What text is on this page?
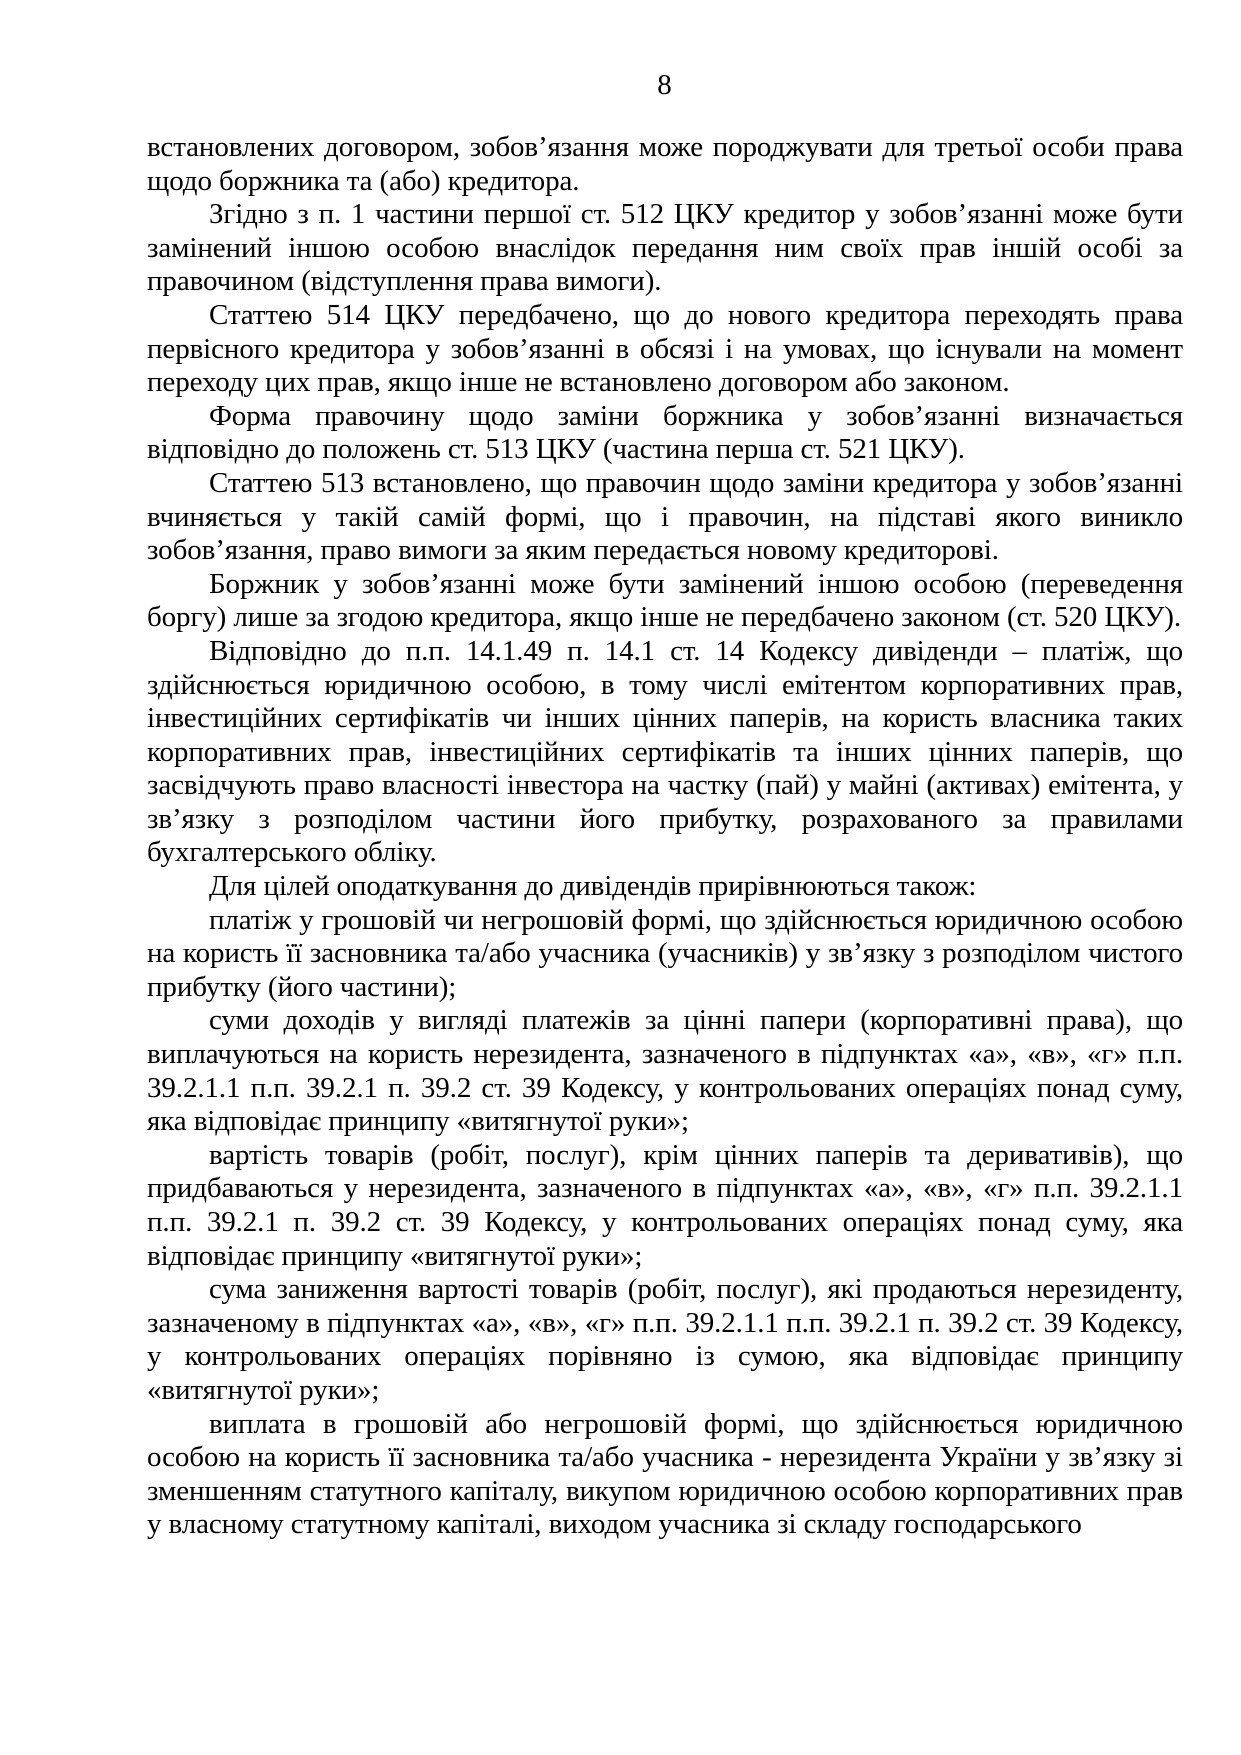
8

встановлених договором, зобов’язання може породжувати для третьої особи права щодо боржника та (або) кредитора.

Згідно з п. 1 частини першої ст. 512 ЦКУ кредитор у зобов’язанні може бути замінений іншою особою внаслідок передання ним своїх прав іншій особі за правочином (відступлення права вимоги).

Статтею 514 ЦКУ передбачено, що до нового кредитора переходять права первісного кредитора у зобов’язанні в обсязі і на умовах, що існували на момент переходу цих прав, якщо інше не встановлено договором або законом.

Форма правочину щодо заміни боржника у зобов’язанні визначається відповідно до положень ст. 513 ЦКУ (частина перша ст. 521 ЦКУ).

Статтею 513 встановлено, що правочин щодо заміни кредитора у зобов’язанні вчиняється у такій самій формі, що і правочин, на підставі якого виникло зобов’язання, право вимоги за яким передається новому кредиторові.

Боржник у зобов’язанні може бути замінений іншою особою (переведення боргу) лише за згодою кредитора, якщо інше не передбачено законом (ст. 520 ЦКУ).

Відповідно до п.п. 14.1.49 п. 14.1 ст. 14 Кодексу дивіденди – платіж, що здійснюється юридичною особою, в тому числі емітентом корпоративних прав, інвестиційних сертифікатів чи інших цінних паперів, на користь власника таких корпоративних прав, інвестиційних сертифікатів та інших цінних паперів, що засвідчують право власності інвестора на частку (пай) у майні (активах) емітента, у зв’язку з розподілом частини його прибутку, розрахованого за правилами бухгалтерського обліку.

Для цілей оподаткування до дивідендів прирівнюються також:

платіж у грошовій чи негрошовій формі, що здійснюється юридичною особою на користь її засновника та/або учасника (учасників) у зв’язку з розподілом чистого прибутку (його частини);

суми доходів у вигляді платежів за цінні папери (корпоративні права), що виплачуються на користь нерезидента, зазначеного в підпунктах «а», «в», «г» п.п. 39.2.1.1 п.п. 39.2.1 п. 39.2 ст. 39 Кодексу, у контрольованих операціях понад суму, яка відповідає принципу «витягнутої руки»;

вартість товарів (робіт, послуг), крім цінних паперів та деривативів), що придбаваються у нерезидента, зазначеного в підпунктах «а», «в», «г» п.п. 39.2.1.1 п.п. 39.2.1 п. 39.2 ст. 39 Кодексу, у контрольованих операціях понад суму, яка відповідає принципу «витягнутої руки»;

сума заниження вартості товарів (робіт, послуг), які продаються нерезиденту, зазначеному в підпунктах «а», «в», «г» п.п. 39.2.1.1 п.п. 39.2.1 п. 39.2 ст. 39 Кодексу, у контрольованих операціях порівняно із сумою, яка відповідає принципу «витягнутої руки»;

виплата в грошовій або негрошовій формі, що здійснюється юридичною особою на користь її засновника та/або учасника - нерезидента України у зв’язку зі зменшенням статутного капіталу, викупом юридичною особою корпоративних прав у власному статутному капіталі, виходом учасника зі складу господарського
